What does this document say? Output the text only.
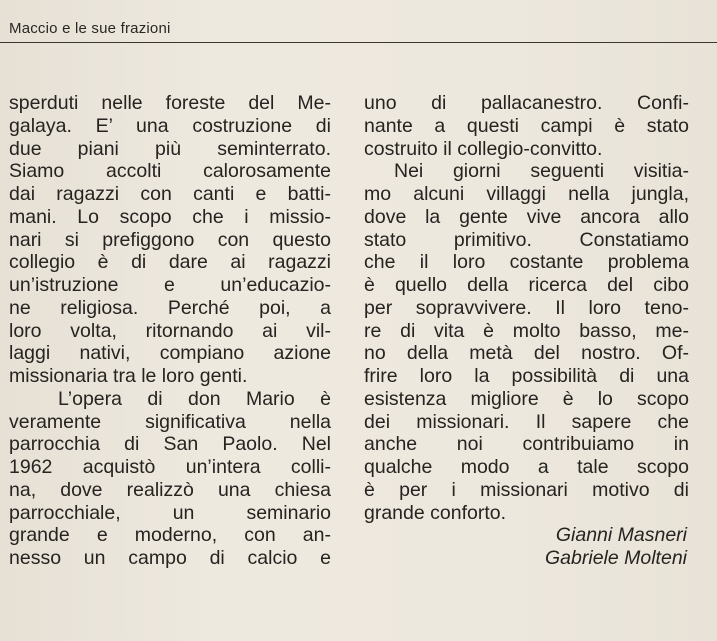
Maccio e le sue frazioni
sperduti nelle foreste del Me-
galaya. E’ una costruzione di
due piani più seminterrato.
Siamo accolti calorosamente
dai ragazzi con canti e batti-
mani. Lo scopo che i missio-
nari si prefiggono con questo
collegio è di dare ai ragazzi
un’istruzione e un’educazio-
ne religiosa. Perché poi, a
loro volta, ritornando ai vil-
laggi nativi, compiano azione
missionaria tra le loro genti.
L’opera di don Mario è
veramente significativa nella
parrocchia di San Paolo. Nel
1962 acquistò un’intera colli-
na, dove realizzò una chiesa
parrocchiale, un seminario
grande e moderno, con an-
nesso un campo di calcio e
uno di pallacanestro. Confi-
nante a questi campi è stato
costruito il collegio-convitto.
Nei giorni seguenti visitia-
mo alcuni villaggi nella jungla,
dove la gente vive ancora allo
stato primitivo. Constatiamo
che il loro costante problema
è quello della ricerca del cibo
per sopravvivere. Il loro teno-
re di vita è molto basso, me-
no della metà del nostro. Of-
frire loro la possibilità di una
esistenza migliore è lo scopo
dei missionari. Il sapere che
anche noi contribuiamo in
qualche modo a tale scopo
è per i missionari motivo di
grande conforto.
Gianni Masneri
Gabriele Molteni
